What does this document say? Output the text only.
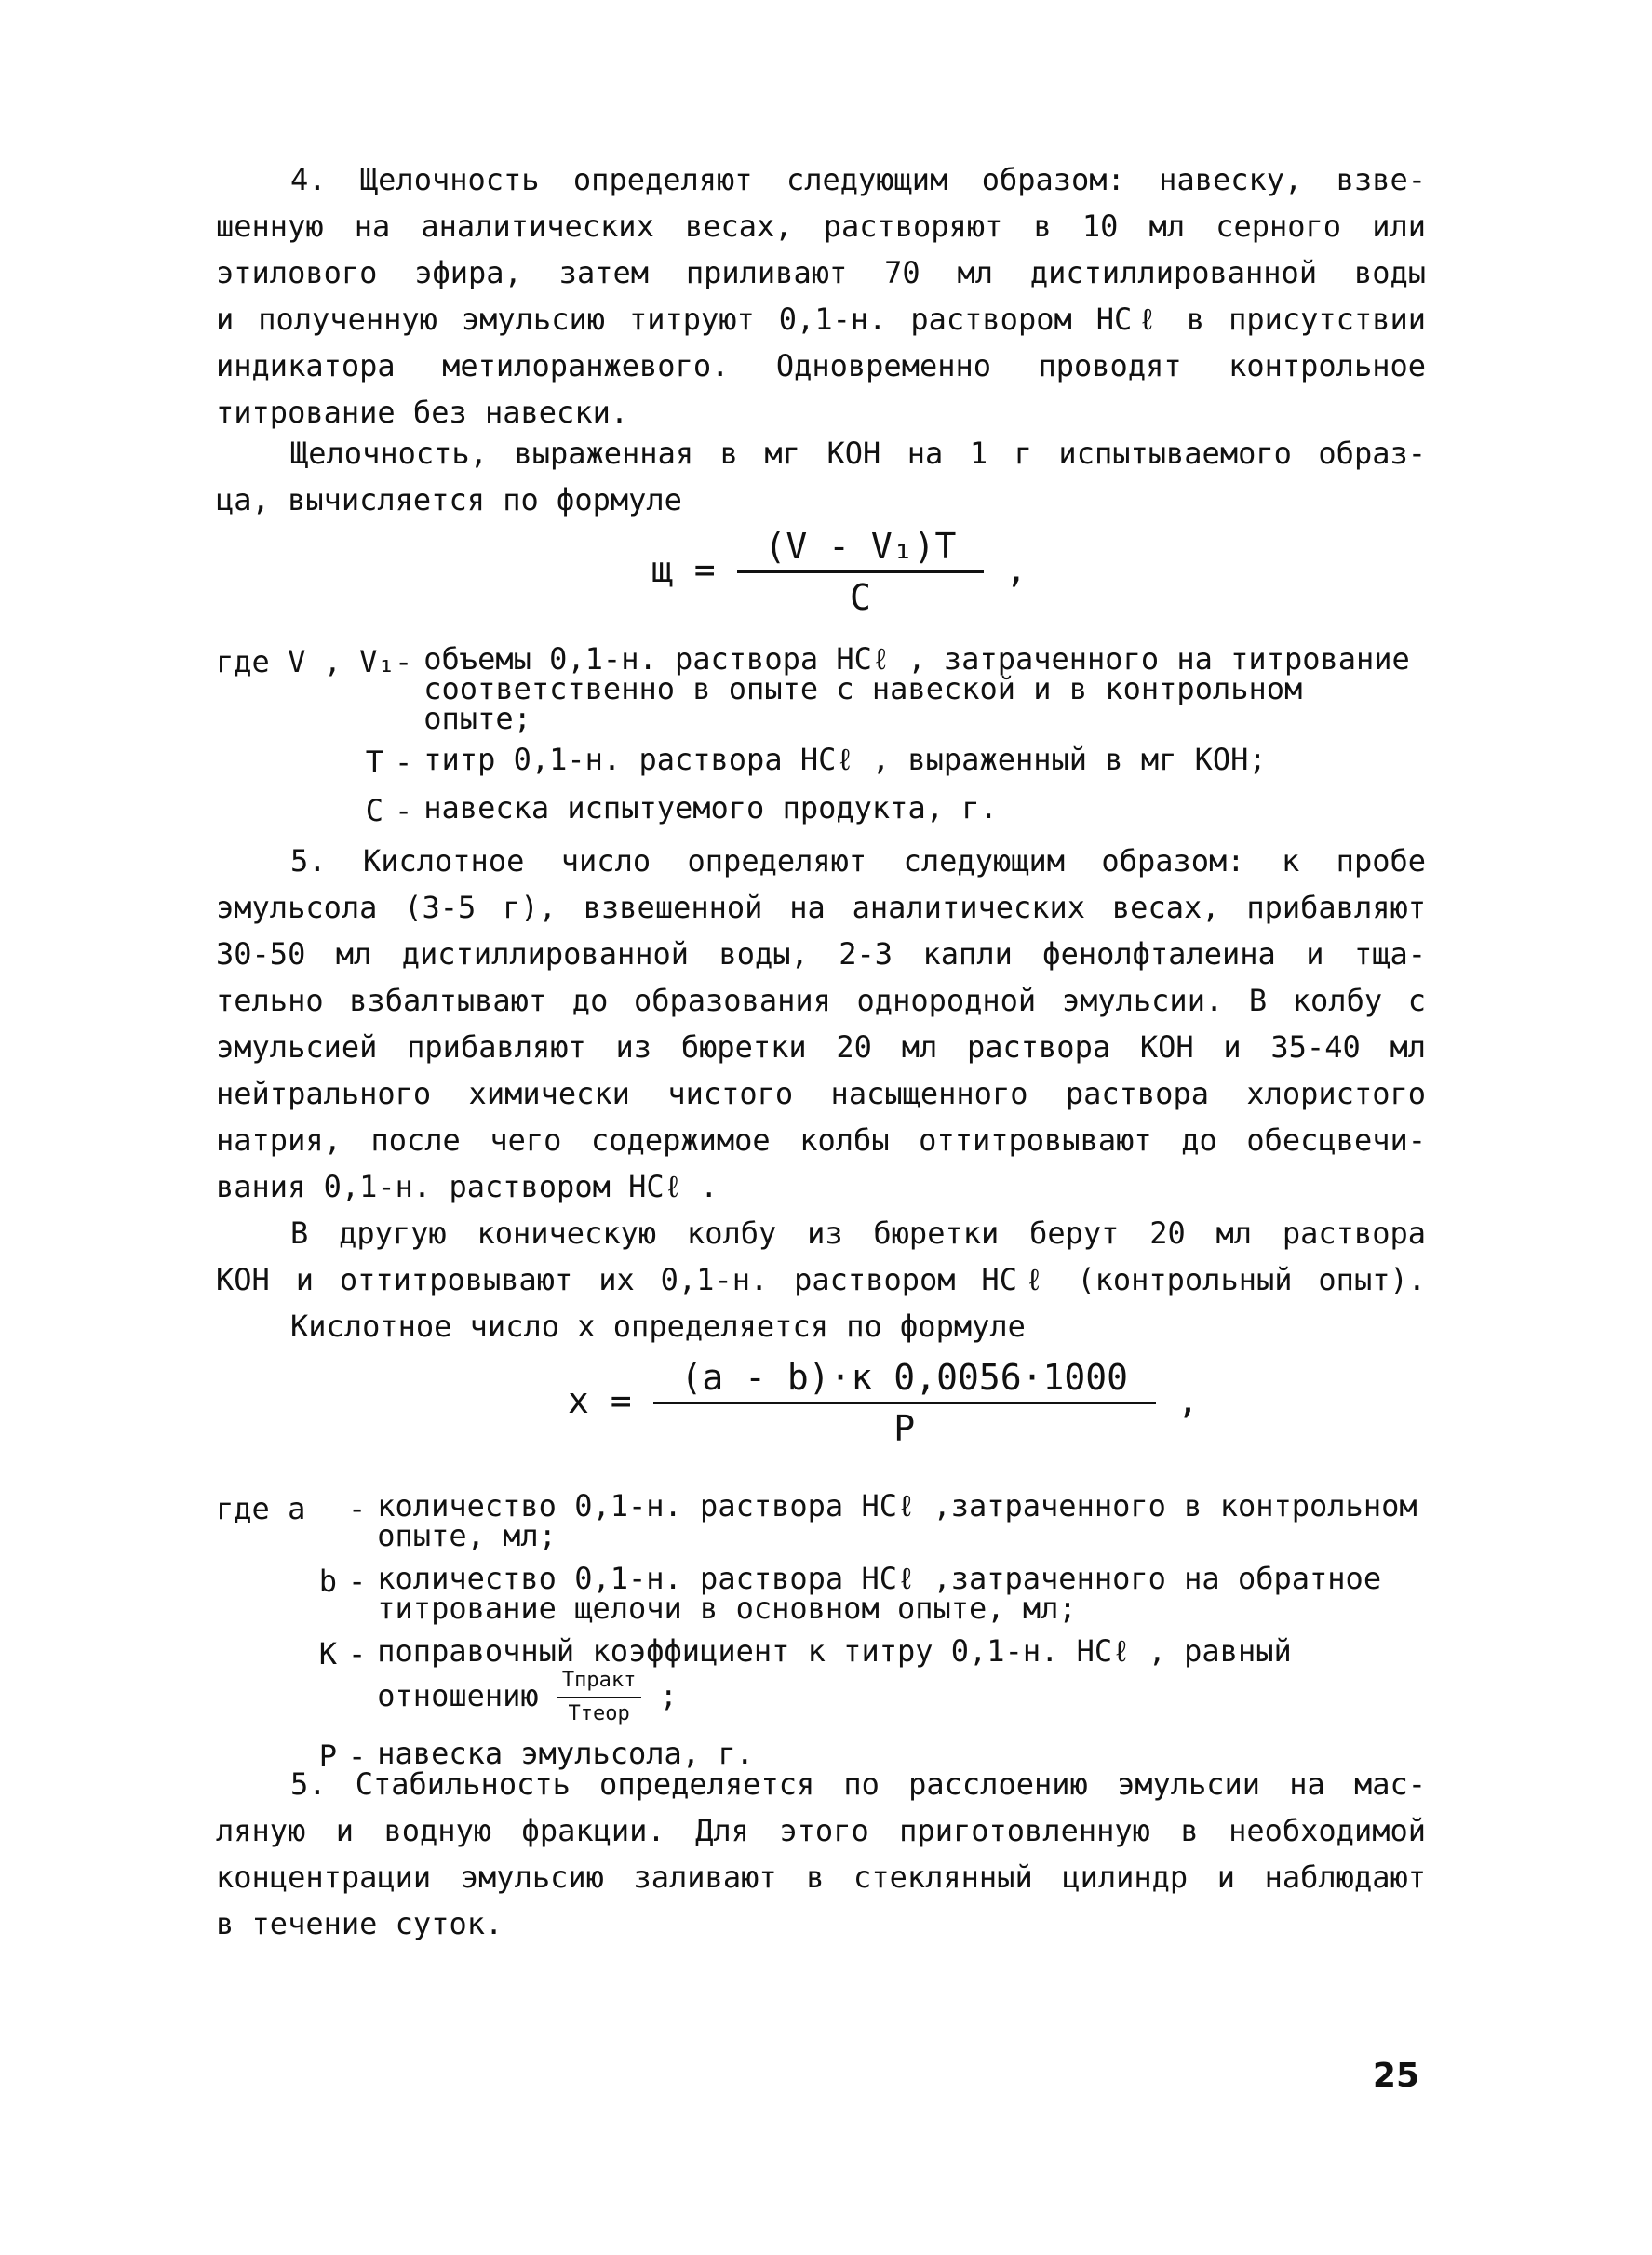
4. Щелочность определяют следующим образом: навеску, взве-
шенную на аналитических весах, растворяют в 10 мл серного или
этилового эфира, затем приливают 70 мл дистиллированной воды
и полученную эмульсию титруют 0,1-н. раствором HCℓ в присутствии
индикатора метилоранжевого. Одновременно проводят контрольное
титрование без навески.

Щелочность, выраженная в мг KOH на 1 г испытываемого образ-
ца, вычисляется по формуле

$щ = \frac{\text{(V - V₁)T}}{C}$ ,
где V , V₁ - объемы 0,1-н. раствора HCℓ , затраченного на титрование соответственно в опыте с навеской и в контрольном опыте;
T - титр 0,1-н. раствора HCℓ , выраженный в мг KOH;
C - навеска испытуемого продукта, г.

5. Кислотное число определяют следующим образом: к пробе
эмульсола (3-5 г), взвешенной на аналитических весах, прибавляют
30-50 мл дистиллированной воды, 2-3 капли фенолфталеина и тща-
тельно взбалтывают до образования однородной эмульсии. В колбу с
эмульсией прибавляют из бюретки 20 мл раствора KOH и 35-40 мл
нейтрального химически чистого насыщенного раствора хлористого
натрия, после чего содержимое колбы оттитровывают до обесцвечи-
вания 0,1-н. раствором HCℓ .

В другую коническую колбу из бюретки берут 20 мл раствора
KOH и оттитровывают их 0,1-н. раствором HCℓ (контрольный опыт).

Кислотное число x определяется по формуле

$x = \frac{(a - b)\cdot к 0,0056\cdot 1000}{P}$ ,
где a	- количество 0,1-н. раствора HCℓ ,затраченного в контрольном опыте, мл;
b - количество 0,1-н. раствора HCℓ ,затраченного на обратное титрование щелочи в основном опыте, мл;
K - поправочный коэффициент к титру 0,1-н. HCℓ , равный отношению $\frac{\text{Tпракт}}{\text{Tтеор}}$ ;
P - навеска эмульсола, г.

5. Стабильность определяется по расслоению эмульсии на мас-
ляную и водную фракции. Для этого приготовленную в необходимой
концентрации эмульсию заливают в стеклянный цилиндр и наблюдают
в течение суток.

25
